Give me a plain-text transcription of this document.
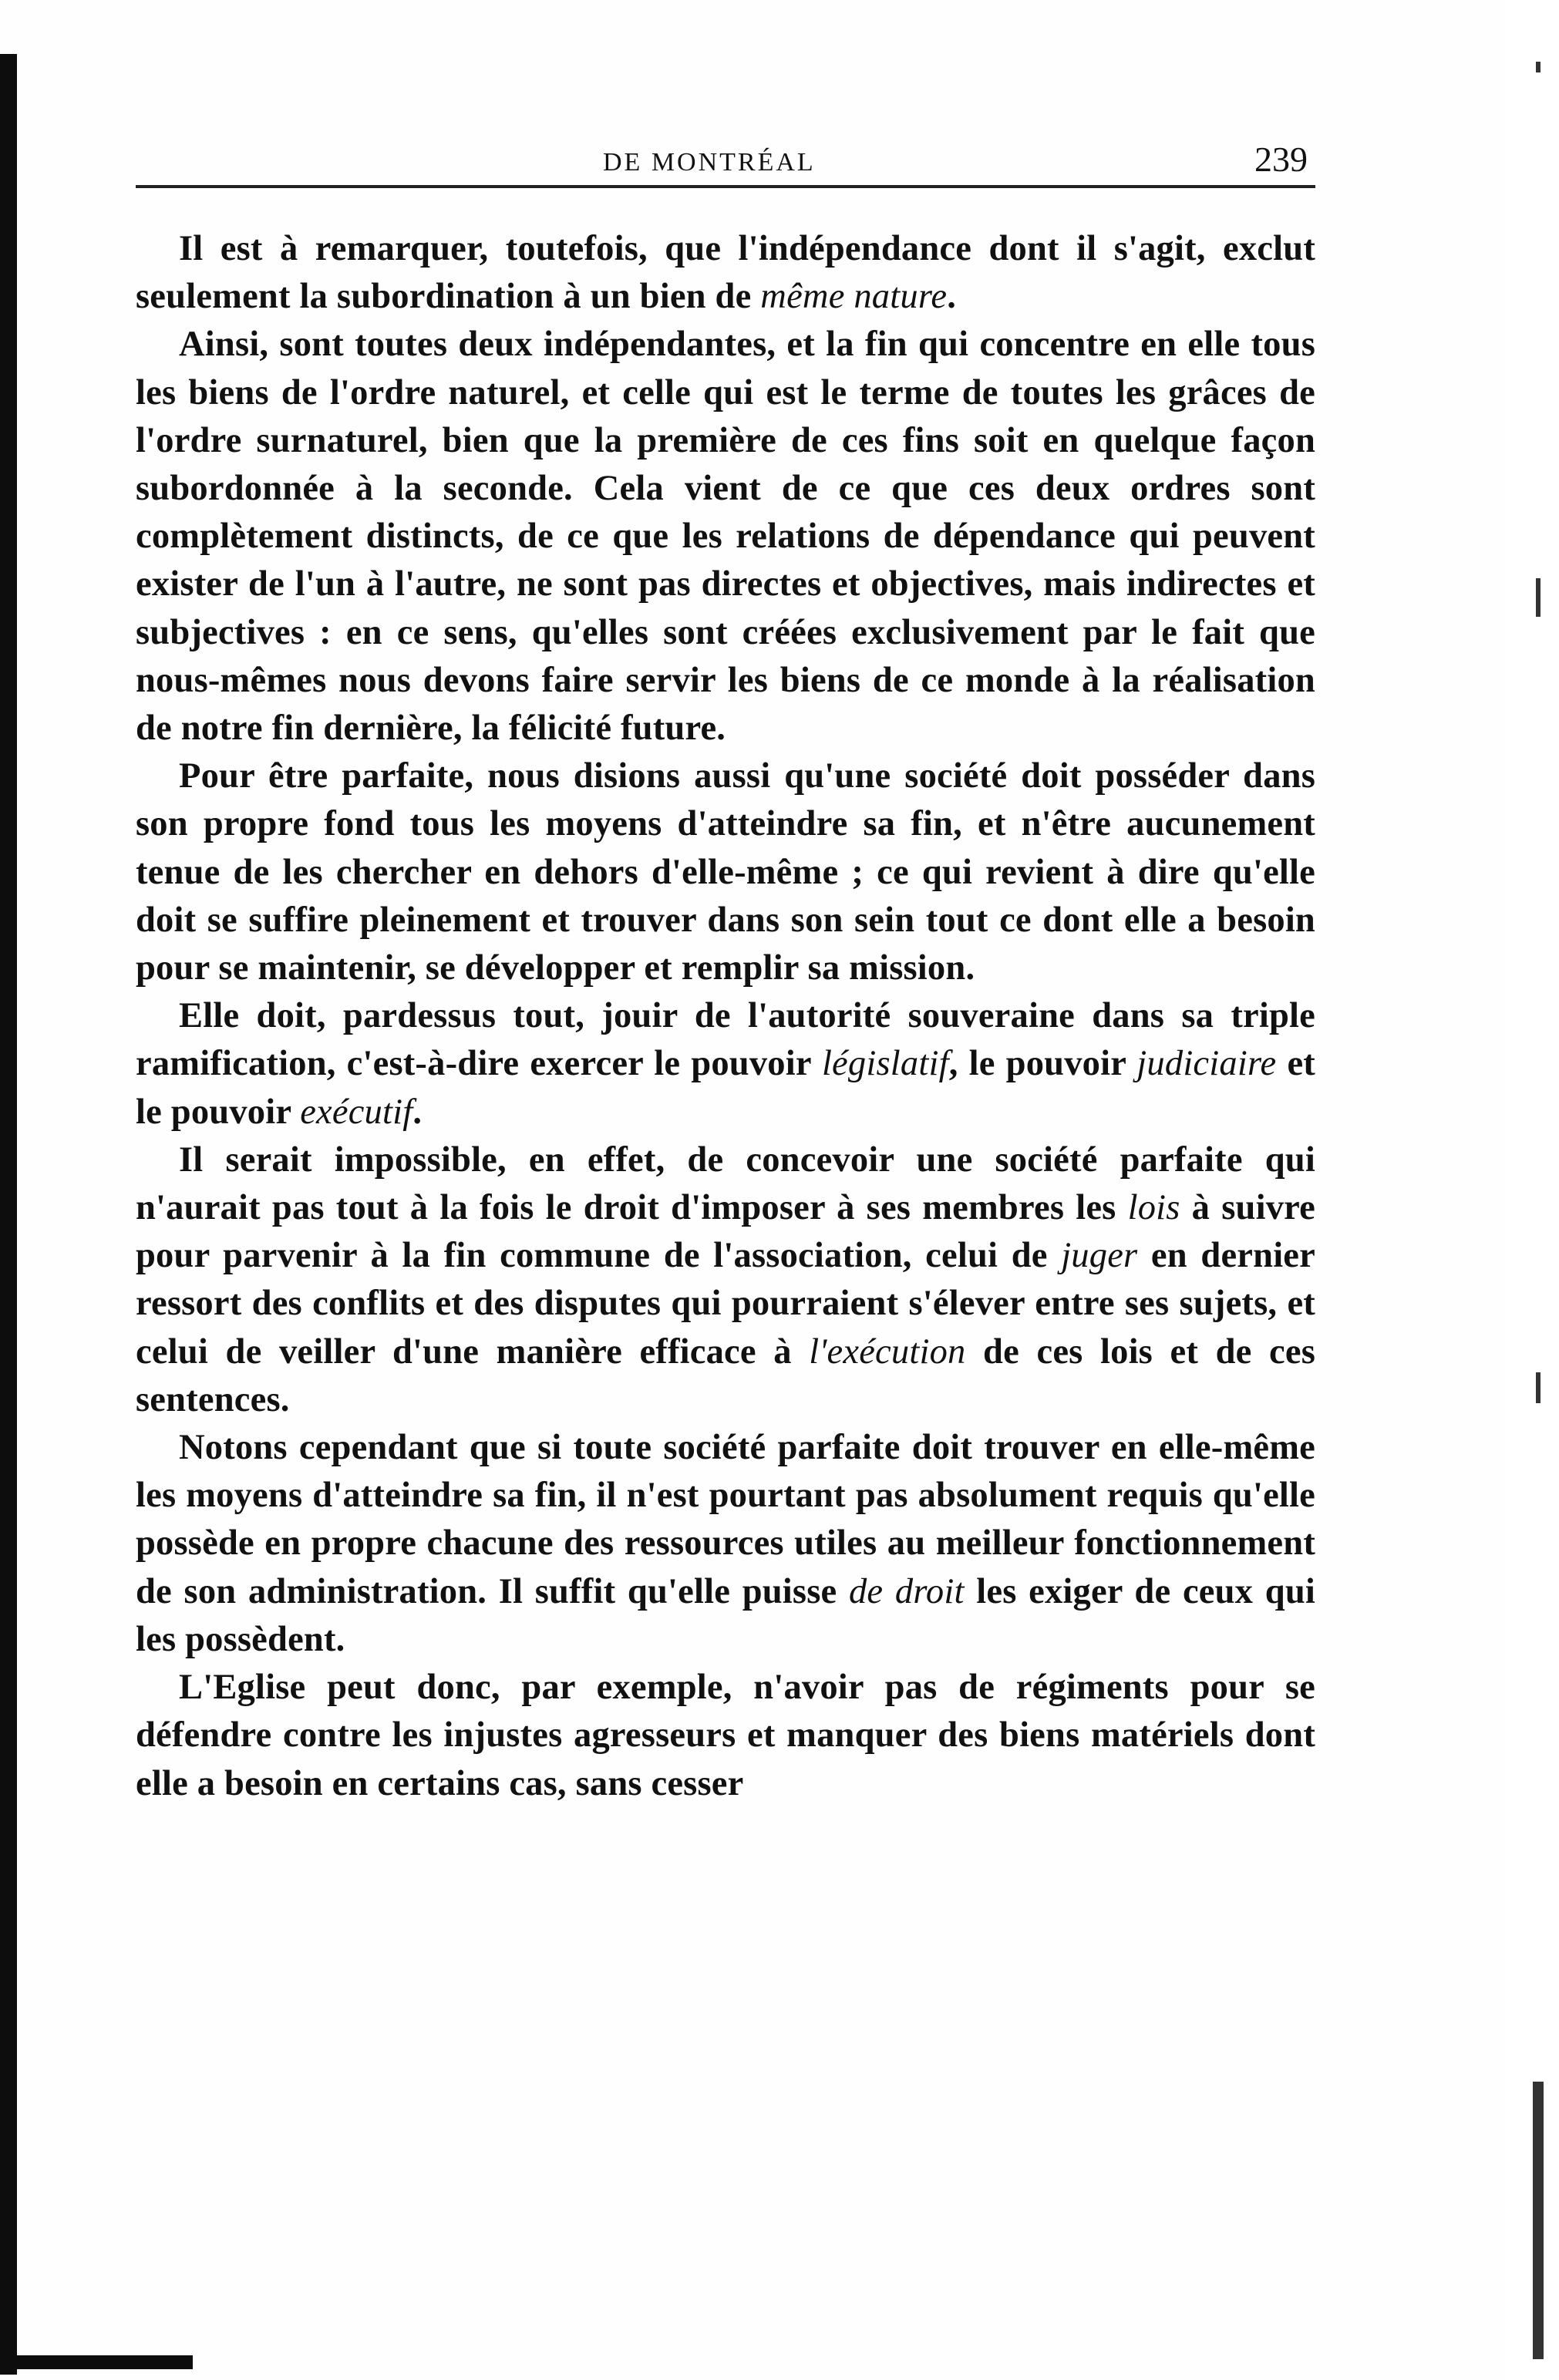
DE MONTRÉAL	239

Il est à remarquer, toutefois, que l'indépendance dont il s'agit, exclut seulement la subordination à un bien de même nature.

Ainsi, sont toutes deux indépendantes, et la fin qui concentre en elle tous les biens de l'ordre naturel, et celle qui est le terme de toutes les grâces de l'ordre surnaturel, bien que la première de ces fins soit en quelque façon subordonnée à la seconde. Cela vient de ce que ces deux ordres sont complètement distincts, de ce que les relations de dépendance qui peuvent exister de l'un à l'autre, ne sont pas directes et objectives, mais indirectes et subjectives : en ce sens, qu'elles sont créées exclusivement par le fait que nous-mêmes nous devons faire servir les biens de ce monde à la réalisation de notre fin dernière, la félicité future.

Pour être parfaite, nous disions aussi qu'une société doit posséder dans son propre fond tous les moyens d'atteindre sa fin, et n'être aucunement tenue de les chercher en dehors d'elle-même ; ce qui revient à dire qu'elle doit se suffire pleinement et trouver dans son sein tout ce dont elle a besoin pour se maintenir, se développer et remplir sa mission.

Elle doit, pardessus tout, jouir de l'autorité souveraine dans sa triple ramification, c'est-à-dire exercer le pouvoir législatif, le pouvoir judiciaire et le pouvoir exécutif.

Il serait impossible, en effet, de concevoir une société parfaite qui n'aurait pas tout à la fois le droit d'imposer à ses membres les lois à suivre pour parvenir à la fin commune de l'association, celui de juger en dernier ressort des conflits et des disputes qui pourraient s'élever entre ses sujets, et celui de veiller d'une manière efficace à l'exécution de ces lois et de ces sentences.

Notons cependant que si toute société parfaite doit trouver en elle-même les moyens d'atteindre sa fin, il n'est pourtant pas absolument requis qu'elle possède en propre chacune des ressources utiles au meilleur fonctionnement de son administration. Il suffit qu'elle puisse de droit les exiger de ceux qui les possèdent.

L'Eglise peut donc, par exemple, n'avoir pas de régiments pour se défendre contre les injustes agresseurs et manquer des biens matériels dont elle a besoin en certains cas, sans cesser
